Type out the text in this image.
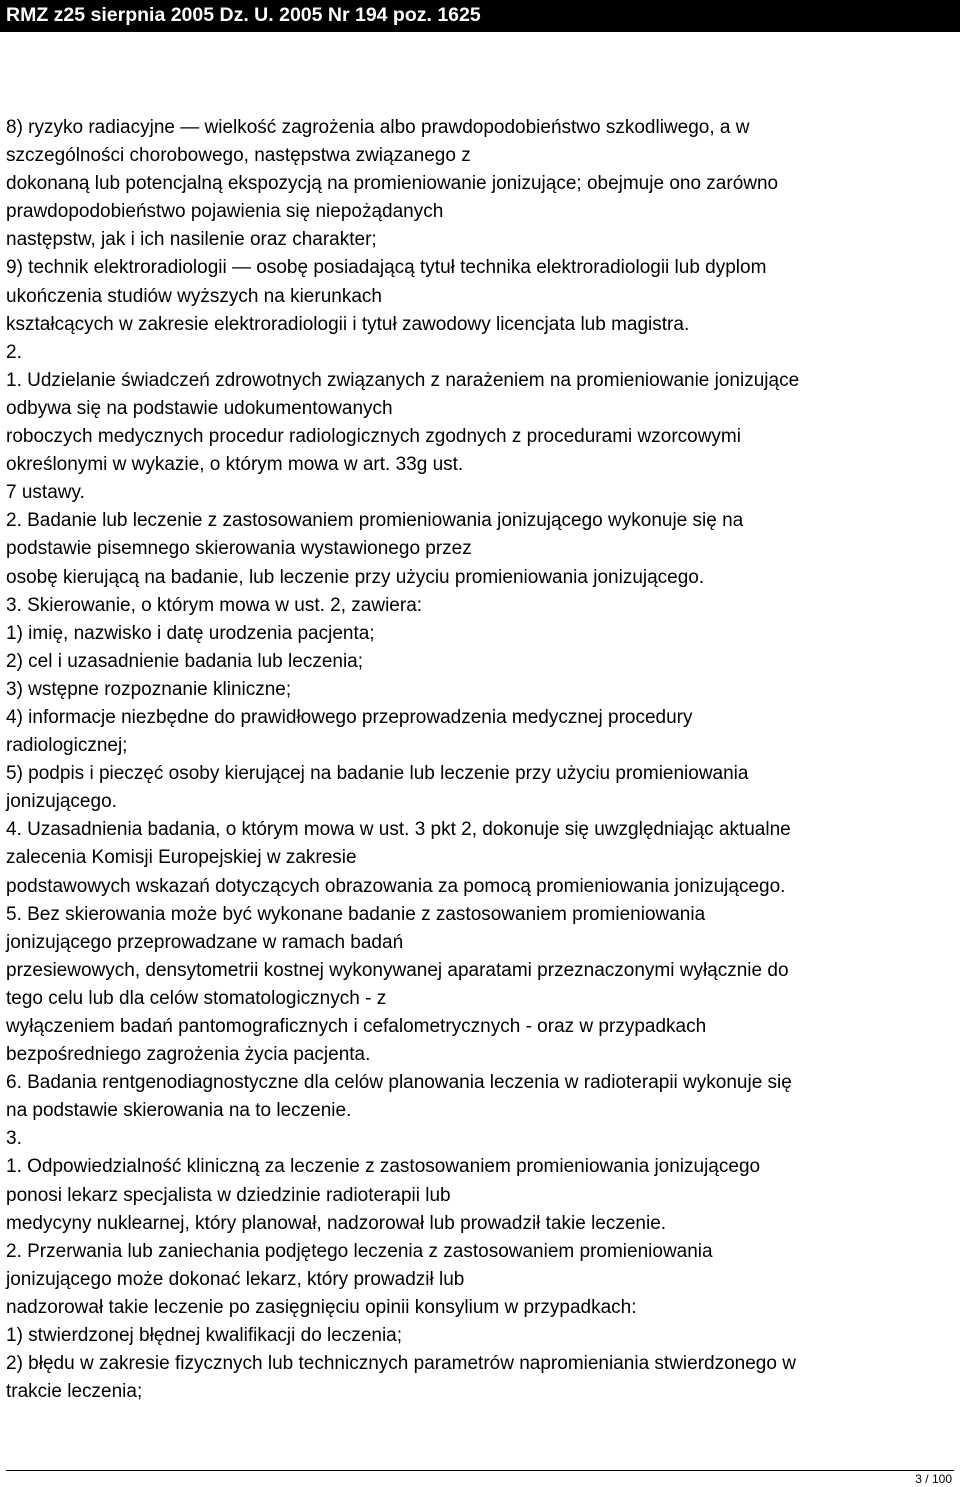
RMZ z25 sierpnia 2005 Dz. U. 2005 Nr 194 poz. 1625
8) ryzyko radiacyjne — wielkość zagrożenia albo prawdopodobieństwo szkodliwego, a w
szczególności chorobowego, następstwa związanego z
dokonaną lub potencjalną ekspozycją na promieniowanie jonizujące; obejmuje ono zarówno
prawdopodobieństwo pojawienia się niepożądanych
następstw, jak i ich nasilenie oraz charakter;
9) technik elektroradiologii — osobę posiadającą tytuł technika elektroradiologii lub dyplom
ukończenia studiów wyższych na kierunkach
kształcących w zakresie elektroradiologii i tytuł zawodowy licencjata lub magistra.
2.
1. Udzielanie świadczeń zdrowotnych związanych z narażeniem na promieniowanie jonizujące
odbywa się na podstawie udokumentowanych
roboczych medycznych procedur radiologicznych zgodnych z procedurami wzorcowymi
określonymi w wykazie, o którym mowa w art. 33g ust.
7 ustawy.
2. Badanie lub leczenie z zastosowaniem promieniowania jonizującego wykonuje się na
podstawie pisemnego skierowania wystawionego przez
osobę kierującą na badanie, lub leczenie przy użyciu promieniowania jonizującego.
3. Skierowanie, o którym mowa w ust. 2, zawiera:
1) imię, nazwisko i datę urodzenia pacjenta;
2) cel i uzasadnienie badania lub leczenia;
3) wstępne rozpoznanie kliniczne;
4) informacje niezbędne do prawidłowego przeprowadzenia medycznej procedury
radiologicznej;
5) podpis i pieczęć osoby kierującej na badanie lub leczenie przy użyciu promieniowania
jonizującego.
4. Uzasadnienia badania, o którym mowa w ust. 3 pkt 2, dokonuje się uwzględniając aktualne
zalecenia Komisji Europejskiej w zakresie
podstawowych wskazań dotyczących obrazowania za pomocą promieniowania jonizującego.
5. Bez skierowania może być wykonane badanie z zastosowaniem promieniowania
jonizującego przeprowadzane w ramach badań
przesiewowych, densytometrii kostnej wykonywanej aparatami przeznaczonymi wyłącznie do
tego celu lub dla celów stomatologicznych - z
wyłączeniem badań pantomograficznych i cefalometrycznych - oraz w przypadkach
bezpośredniego zagrożenia życia pacjenta.
6. Badania rentgenodiagnostyczne dla celów planowania leczenia w radioterapii wykonuje się
na podstawie skierowania na to leczenie.
3.
1. Odpowiedzialność kliniczną za leczenie z zastosowaniem promieniowania jonizującego
ponosi lekarz specjalista w dziedzinie radioterapii lub
medycyny nuklearnej, który planował, nadzorował lub prowadził takie leczenie.
2. Przerwania lub zaniechania podjętego leczenia z zastosowaniem promieniowania
jonizującego może dokonać lekarz, który prowadził lub
nadzorował takie leczenie po zasięgnięciu opinii konsylium w przypadkach:
1) stwierdzonej błędnej kwalifikacji do leczenia;
2) błędu w zakresie fizycznych lub technicznych parametrów napromieniania stwierdzonego w
trakcie leczenia;
3 / 100
